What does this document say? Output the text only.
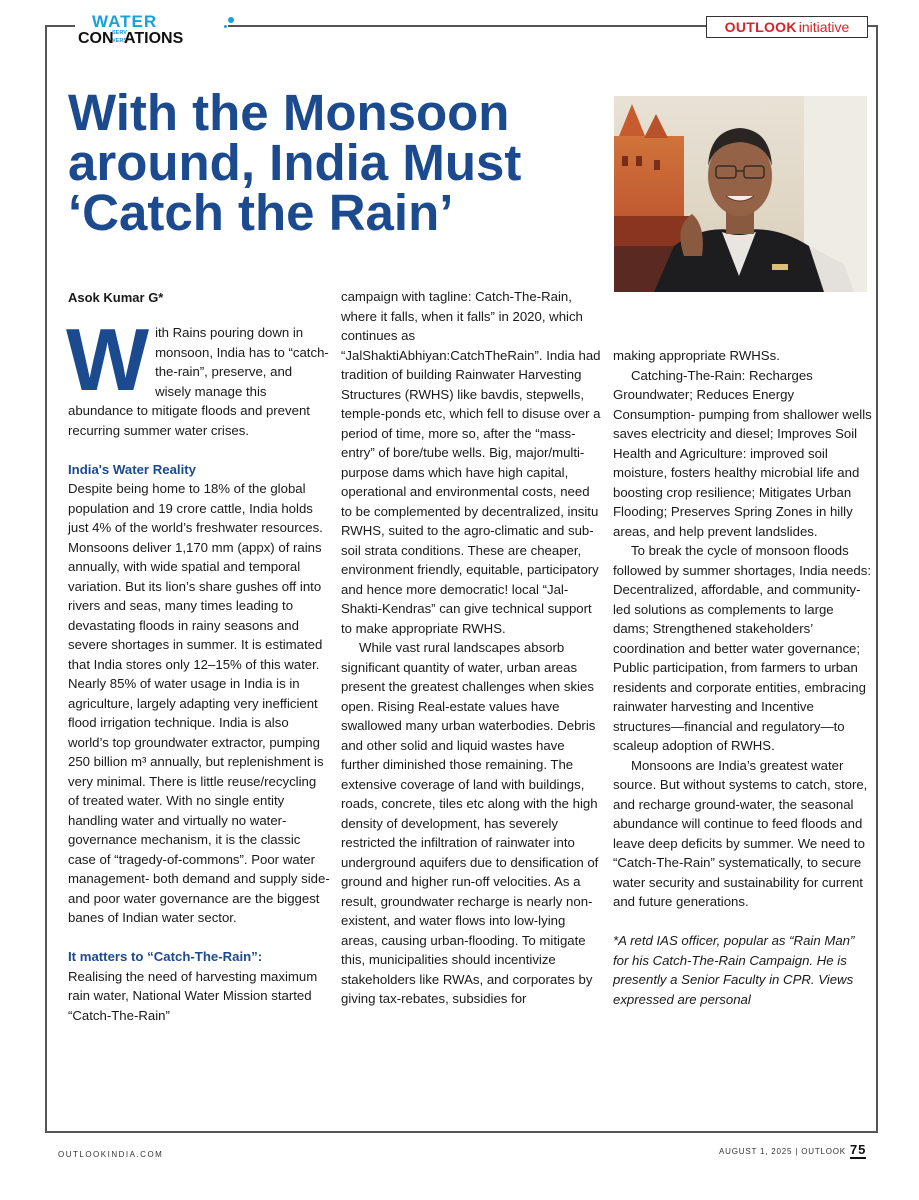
WATER
CON
SERV
VERS
ATIONS
OUTLOOK initiative
With the Monsoon around, India Must ‘Catch the Rain’
Asok Kumar G*
W ith Rains pouring down in monsoon, India has to “catch-the-rain”, preserve, and wisely manage this abundance to mitigate floods and prevent recurring summer water crises.

India's Water Reality

Despite being home to 18% of the global population and 19 crore cattle, India holds just 4% of the world’s freshwater resources. Monsoons deliver 1,170 mm (appx) of rains annually, with wide spatial and temporal variation. But its lion’s share gushes off into rivers and seas, many times leading to devastating floods in rainy seasons and severe shortages in summer. It is estimated that India stores only 12–15% of this water. Nearly 85% of water usage in India is in agriculture, largely adapting very inefficient flood irrigation technique. India is also world’s top groundwater extractor, pumping 250 billion m³ annually, but replenishment is very minimal. There is little reuse/recycling of treated water. With no single entity handling water and virtually no water-governance mechanism, it is the classic case of “tragedy-of-commons”. Poor water management- both demand and supply side- and poor water governance are the biggest banes of Indian water sector.

It matters to “Catch-The-Rain”:

Realising the need of harvesting maximum rain water, National Water Mission started “Catch-The-Rain”

campaign with tagline: Catch-The-Rain, where it falls, when it falls” in 2020, which continues as “JalShaktiAbhiyan:CatchTheRain”. India had tradition of building Rainwater Harvesting Structures (RWHS) like bavdis, stepwells, temple-ponds etc, which fell to disuse over a period of time, more so, after the “mass-entry” of bore/tube wells. Big, major/multi-purpose dams which have high capital, operational and environmental costs, need to be complemented by decentralized, insitu RWHS, suited to the agro-climatic and sub-soil strata conditions. These are cheaper, environment friendly, equitable, participatory and hence more democratic! local “Jal-Shakti-Kendras” can give technical support to make appropriate RWHS.

While vast rural landscapes absorb significant quantity of water, urban areas present the greatest challenges when skies open. Rising Real-estate values have swallowed many urban waterbodies. Debris and other solid and liquid wastes have further diminished those remaining. The extensive coverage of land with buildings, roads, concrete, tiles etc along with the high density of development, has severely restricted the infiltration of rainwater into underground aquifers due to densification of ground and higher run-off velocities. As a result, groundwater recharge is nearly non-existent, and water flows into low-lying areas, causing urban-flooding. To mitigate this, municipalities should incentivize stakeholders like RWAs, and corporates by giving tax-rebates, subsidies for

making appropriate RWHSs.

Catching-The-Rain: Recharges Groundwater; Reduces Energy Consumption- pumping from shallower wells saves electricity and diesel; Improves Soil Health and Agriculture: improved soil moisture, fosters healthy microbial life and boosting crop resilience; Mitigates Urban Flooding; Preserves Spring Zones in hilly areas, and help prevent landslides.

To break the cycle of monsoon floods followed by summer shortages, India needs: Decentralized, affordable, and community-led solutions as complements to large dams; Strengthened stakeholders’ coordination and better water governance; Public participation, from farmers to urban residents and corporate entities, embracing rainwater harvesting and Incentive structures—financial and regulatory—to scaleup adoption of RWHS.

Monsoons are India’s greatest water source. But without systems to catch, store, and recharge ground-water, the seasonal abundance will continue to feed floods and leave deep deficits by summer. We need to “Catch-The-Rain” systematically, to secure water security and sustainability for current and future generations.

*A retd IAS officer, popular as “Rain Man” for his Catch-The-Rain Campaign. He is presently a Senior Faculty in CPR. Views expressed are personal

OUTLOOKINDIA.COM	AUGUST 1, 2025 | OUTLOOK 75
